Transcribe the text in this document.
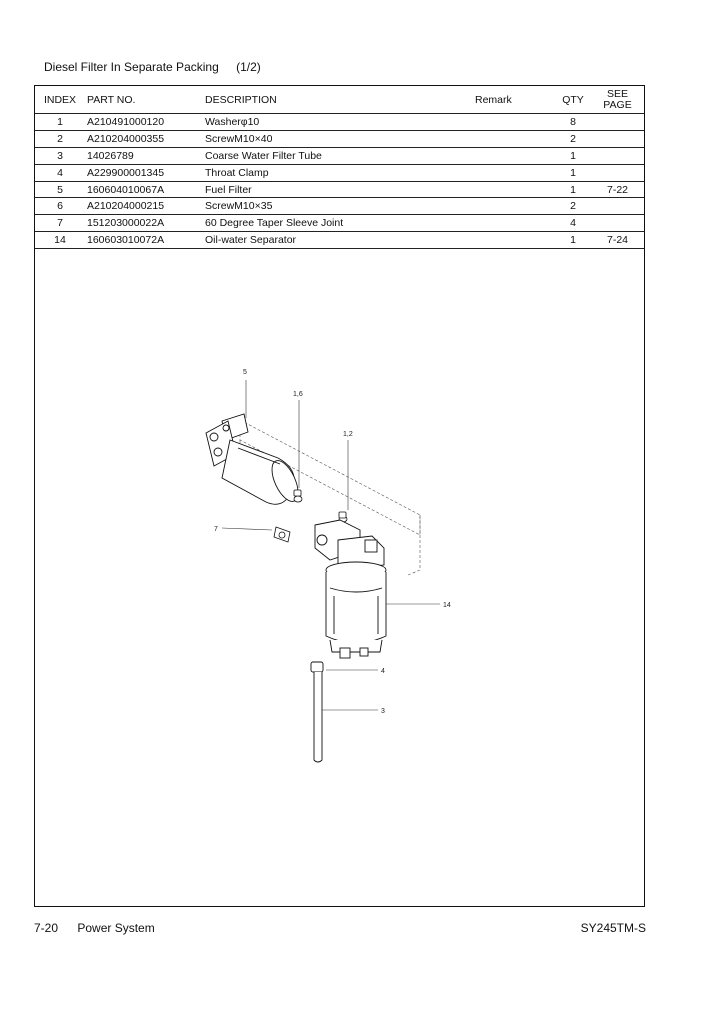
Diesel Filter In Separate Packing (1/2)
INDEX	PART NO.	DESCRIPTION	Remark	QTY	SEE
PAGE
1	A210491000120	Washerφ10		8	
2	A210204000355	ScrewM10×40		2	
3	14026789	Coarse Water Filter Tube		1	
4	A229900001345	Throat Clamp		1	
5	160604010067A	Fuel Filter		1	7-22
6	A210204000215	ScrewM10×35		2	
7	151203000022A	60 Degree Taper Sleeve Joint		4	
14	160603010072A	Oil-water Separator		1	7-24
5
1,6
1,2
7
14
4
3
7-20 Power System	SY245TM-S
